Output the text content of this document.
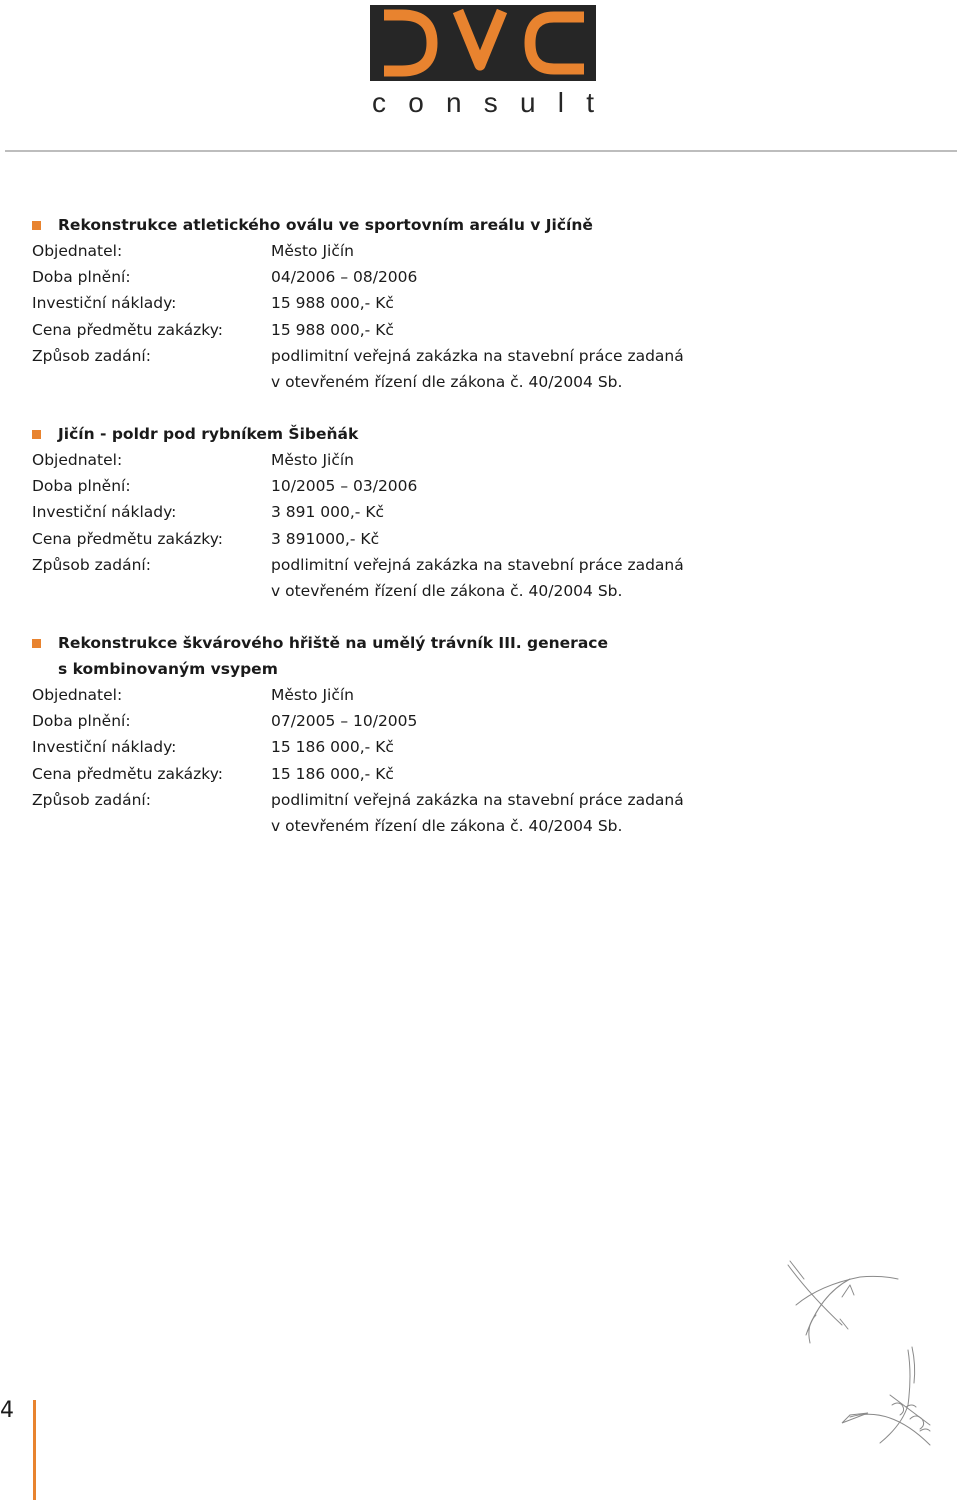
c o n s u l t
Rekonstrukce atletického oválu ve sportovním areálu v Jičíně
Objednatel:	Město Jičín
Doba plnění:	04/2006 – 08/2006
Investiční náklady:	15 988 000,- Kč
Cena předmětu zakázky:	15 988 000,- Kč
Způsob zadání:	podlimitní veřejná zakázka na stavební práce zadaná
v otevřeném řízení dle zákona č. 40/2004 Sb.
Jičín - poldr pod rybníkem Šibeňák
Objednatel:	Město Jičín
Doba plnění:	10/2005 – 03/2006
Investiční náklady:	3 891 000,- Kč
Cena předmětu zakázky:	3 891000,- Kč
Způsob zadání:	podlimitní veřejná zakázka na stavební práce zadaná
v otevřeném řízení dle zákona č. 40/2004 Sb.
Rekonstrukce škvárového hřiště na umělý trávník III. generace
s kombinovaným vsypem
Objednatel:	Město Jičín
Doba plnění:	07/2005 – 10/2005
Investiční náklady:	15 186 000,- Kč
Cena předmětu zakázky:	15 186 000,- Kč
Způsob zadání:	podlimitní veřejná zakázka na stavební práce zadaná
v otevřeném řízení dle zákona č. 40/2004 Sb.
4
